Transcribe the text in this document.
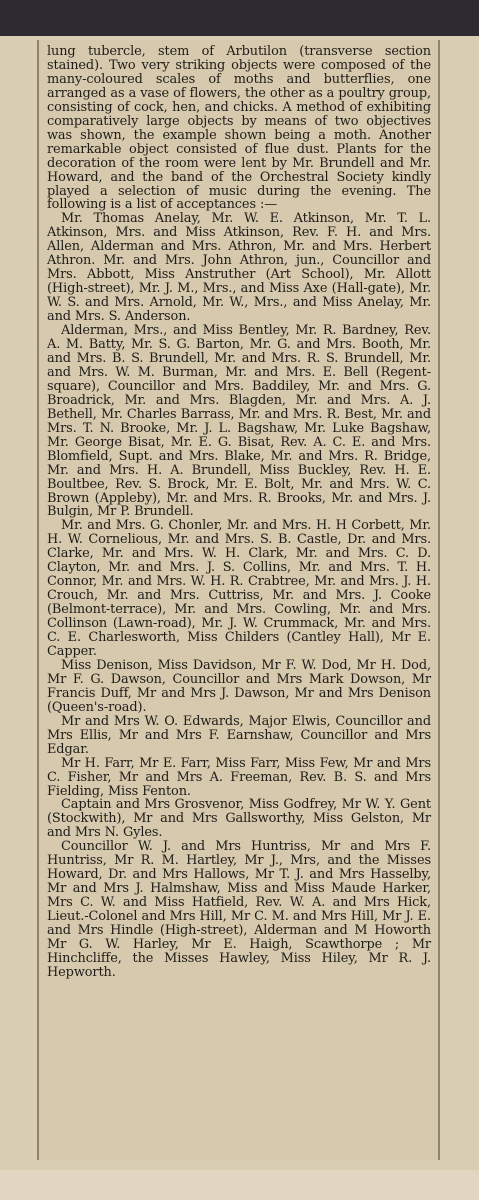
lung tubercle, stem of Arbutilon (transverse section stained). Two very striking objects were composed of the many-coloured scales of moths and butterflies, one arranged as a vase of flowers, the other as a poultry group, consisting of cock, hen, and chicks. A method of exhibiting comparatively large objects by means of two objectives was shown, the example shown being a moth. Another remarkable object consisted of flue dust. Plants for the decoration of the room were lent by Mr. Brundell and Mr. Howard, and the band of the Orchestral Society kindly played a selection of music during the evening. The following is a list of acceptances :—

Mr. Thomas Anelay, Mr. W. E. Atkinson, Mr. T. L. Atkinson, Mrs. and Miss Atkinson, Rev. F. H. and Mrs. Allen, Alderman and Mrs. Athron, Mr. and Mrs. Herbert Athron. Mr. and Mrs. John Athron, jun., Councillor and Mrs. Abbott, Miss Anstruther (Art School), Mr. Allott (High-street), Mr. J. M., Mrs., and Miss Axe (Hall-gate), Mr. W. S. and Mrs. Arnold, Mr. W., Mrs., and Miss Anelay, Mr. and Mrs. S. Anderson.

Alderman, Mrs., and Miss Bentley, Mr. R. Bardney, Rev. A. M. Batty, Mr. S. G. Barton, Mr. G. and Mrs. Booth, Mr. and Mrs. B. S. Brundell, Mr. and Mrs. R. S. Brundell, Mr. and Mrs. W. M. Burman, Mr. and Mrs. E. Bell (Regent-square), Councillor and Mrs. Baddiley, Mr. and Mrs. G. Broadrick, Mr. and Mrs. Blagden, Mr. and Mrs. A. J. Bethell, Mr. Charles Barrass, Mr. and Mrs. R. Best, Mr. and Mrs. T. N. Brooke, Mr. J. L. Bagshaw, Mr. Luke Bagshaw, Mr. George Bisat, Mr. E. G. Bisat, Rev. A. C. E. and Mrs. Blomfield, Supt. and Mrs. Blake, Mr. and Mrs. R. Bridge, Mr. and Mrs. H. A. Brundell, Miss Buckley, Rev. H. E. Boultbee, Rev. S. Brock, Mr. E. Bolt, Mr. and Mrs. W. C. Brown (Appleby), Mr. and Mrs. R. Brooks, Mr. and Mrs. J. Bulgin, Mr P. Brundell.

Mr. and Mrs. G. Chonler, Mr. and Mrs. H. H Corbett, Mr. H. W. Cornelious, Mr. and Mrs. S. B. Castle, Dr. and Mrs. Clarke, Mr. and Mrs. W. H. Clark, Mr. and Mrs. C. D. Clayton, Mr. and Mrs. J. S. Collins, Mr. and Mrs. T. H. Connor, Mr. and Mrs. W. H. R. Crabtree, Mr. and Mrs. J. H. Crouch, Mr. and Mrs. Cuttriss, Mr. and Mrs. J. Cooke (Belmont-terrace), Mr. and Mrs. Cowling, Mr. and Mrs. Collinson (Lawn-road), Mr. J. W. Crummack, Mr. and Mrs. C. E. Charlesworth, Miss Childers (Cantley Hall), Mr E. Capper.

Miss Denison, Miss Davidson, Mr F. W. Dod, Mr H. Dod, Mr F. G. Dawson, Councillor and Mrs Mark Dowson, Mr Francis Duff, Mr and Mrs J. Dawson, Mr and Mrs Denison (Queen's-road).

Mr and Mrs W. O. Edwards, Major Elwis, Councillor and Mrs Ellis, Mr and Mrs F. Earnshaw, Councillor and Mrs Edgar.

Mr H. Farr, Mr E. Farr, Miss Farr, Miss Few, Mr and Mrs C. Fisher, Mr and Mrs A. Freeman, Rev. B. S. and Mrs Fielding, Miss Fenton.

Captain and Mrs Grosvenor, Miss Godfrey, Mr W. Y. Gent (Stockwith), Mr and Mrs Gallsworthy, Miss Gelston, Mr and Mrs N. Gyles.

Councillor W. J. and Mrs Huntriss, Mr and Mrs F. Huntriss, Mr R. M. Hartley, Mr J., Mrs, and the Misses Howard, Dr. and Mrs Hallows, Mr T. J. and Mrs Hasselby, Mr and Mrs J. Halmshaw, Miss and Miss Maude Harker, Mrs C. W. and Miss Hatfield, Rev. W. A. and Mrs Hick, Lieut.-Colonel and Mrs Hill, Mr C. M. and Mrs Hill, Mr J. E. and Mrs Hindle (High-street), Alderman and M Howorth Mr G. W. Harley, Mr E. Haigh, Scawthorpe ; Mr Hinchcliffe, the Misses Hawley, Miss Hiley, Mr R. J. Hepworth.
